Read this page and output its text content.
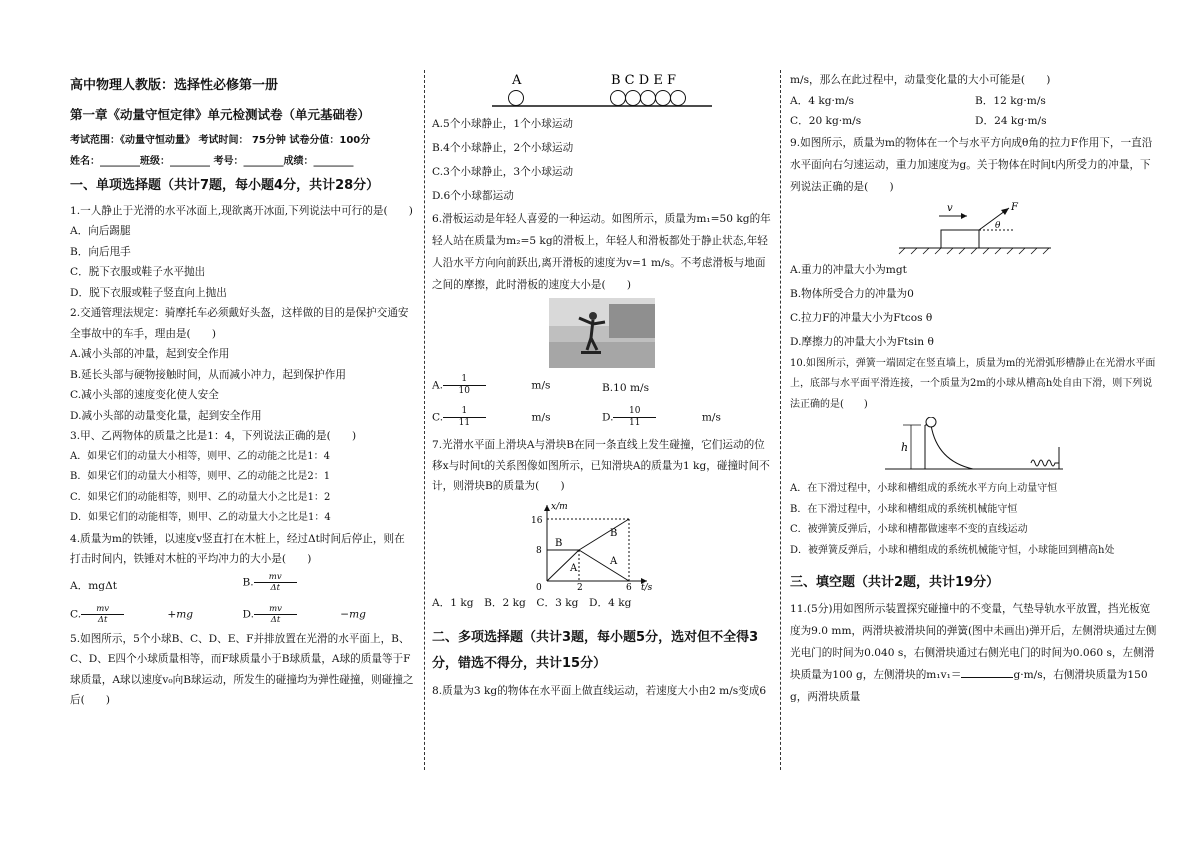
高中物理人教版：选择性必修第一册
第一章《动量守恒定律》单元检测试卷（单元基础卷）
考试范围：《动量守恒动量》 考试时间： 75分钟 试卷分值：100分
姓名：________班级：________ 考号：________成绩：________
一、单项选择题（共计7题，每小题4分，共计28分）

1.一人静止于光滑的水平冰面上,现欲离开冰面,下列说法中可行的是(　　)

A．向后踢腿

B．向后甩手

C．脱下衣服或鞋子水平抛出

D．脱下衣服或鞋子竖直向上抛出

2.交通管理法规定：骑摩托车必须戴好头盔，这样做的目的是保护交通安全事故中的车手，理由是(　　)

A.减小头部的冲量，起到安全作用

B.延长头部与硬物接触时间，从而减小冲力，起到保护作用

C.减小头部的速度变化使人安全

D.减小头部的动量变化量，起到安全作用

3.甲、乙两物体的质量之比是1：4，下列说法正确的是(　　)

A．如果它们的动量大小相等，则甲、乙的动能之比是1：4

B．如果它们的动量大小相等，则甲、乙的动能之比是2：1

C．如果它们的动能相等，则甲、乙的动量大小之比是1：2

D．如果它们的动能相等，则甲、乙的动量大小之比是1：4

4.质量为m的铁锤，以速度v竖直打在木桩上，经过Δt时间后停止，则在打击时间内，铁锤对木桩的平均冲力的大小是(　　)

A．mgΔt	B. $\frac{mv}{\Delta t}$
C. $\frac{mv}{\Delta t} +mg$	D. $\frac{mv}{\Delta t} -mg$

5.如图所示，5个小球B、C、D、E、F并排放置在光滑的水平面上，B、C、D、E四个小球质量相等，而F球质量小于B球质量，A球的质量等于F球质量，A球以速度v₀向B球运动，所发生的碰撞均为弹性碰撞，则碰撞之后(　　)

A	B C D E F

A.5个小球静止，1个小球运动

B.4个小球静止，2个小球运动

C.3个小球静止，3个小球运动

D.6个小球都运动

6.滑板运动是年轻人喜爱的一种运动。如图所示，质量为m₁=50 kg的年轻人站在质量为m₂=5 kg的滑板上，年轻人和滑板都处于静止状态,年轻人沿水平方向向前跃出,离开滑板的速度为v=1 m/s。不考虑滑板与地面之间的摩擦，此时滑板的速度大小是(　　)

A. $\frac{1}{10} m/s$	B.10 m/s
C. $\frac{1}{11} m/s$	D. $\frac{10}{11} m/s$

7.光滑水平面上滑块A与滑块B在同一条直线上发生碰撞，它们运动的位移x与时间t的关系图像如图所示，已知滑块A的质量为1 kg，碰撞时间不计，则滑块B的质量为(　　)

x/m
t/s
16
8
0	2	6
A
B
B
A

A．1 kg　B．2 kg　C．3 kg　D．4 kg

二、多项选择题（共计3题，每小题5分，选对但不全得3分，错选不得分，共计15分）

8.质量为3 kg的物体在水平面上做直线运动，若速度大小由2 m/s变成6

m/s，那么在此过程中，动量变化量的大小可能是(　　)

A．4 kg·m/s	B．12 kg·m/s
C．20 kg·m/s	D．24 kg·m/s

9.如图所示，质量为m的物体在一个与水平方向成θ角的拉力F作用下，一直沿水平面向右匀速运动，重力加速度为g。关于物体在时间t内所受力的冲量，下列说法正确的是(　　)

v	F
θ

A.重力的冲量大小为mgt

B.物体所受合力的冲量为0

C.拉力F的冲量大小为Ftcos θ

D.摩擦力的冲量大小为Ftsin θ

10.如图所示，弹簧一端固定在竖直墙上，质量为m的光滑弧形槽静止在光滑水平面上，底部与水平面平滑连接，一个质量为2m的小球从槽高h处自由下滑，则下列说法正确的是(　　)

h

A．在下滑过程中，小球和槽组成的系统水平方向上动量守恒

B．在下滑过程中，小球和槽组成的系统机械能守恒

C．被弹簧反弹后，小球和槽都做速率不变的直线运动

D．被弹簧反弹后，小球和槽组成的系统机械能守恒，小球能回到槽高h处

三、填空题（共计2题，共计19分）

11.(5分)用如图所示装置探究碰撞中的不变量，气垫导轨水平放置，挡光板宽度为9.0 mm，两滑块被滑块间的弹簧(图中未画出)弹开后，左侧滑块通过左侧光电门的时间为0.040 s，右侧滑块通过右侧光电门的时间为0.060 s，左侧滑块质量为100 g，左侧滑块的m₁v₁＝	g·m/s，右侧滑块质量为150 g，两滑块质量
